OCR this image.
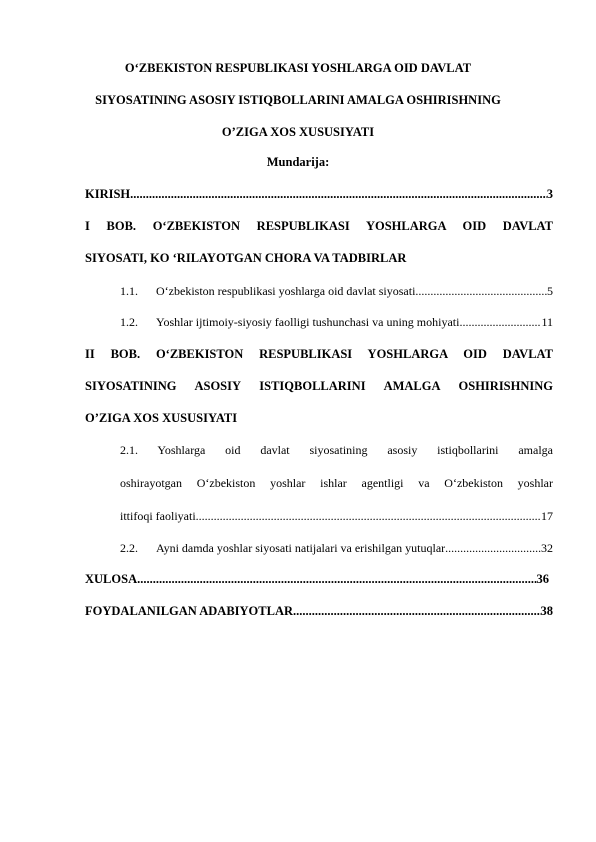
O‘ZBEKISTON RESPUBLIKASI YOSHLARGA OID DAVLAT
SIYOSATINING ASOSIY ISTIQBOLLARINI AMALGA OSHIRISHNING
O’ZIGA XOS XUSUSIYATI
Mundarija:
KIRISH .....	3
I BOB. O‘ZBEKISTON RESPUBLIKASI YOSHLARGA OID DAVLAT
SIYOSATI, KO ‘RILAYOTGAN CHORA VA TADBIRLAR
1.1.	O‘zbekiston respublikasi yoshlarga oid davlat siyosati .....	5
1.2.	Yoshlar ijtimoiy-siyosiy faolligi tushunchasi va uning mohiyati .....	11
II BOB. O‘ZBEKISTON RESPUBLIKASI YOSHLARGA OID DAVLAT
SIYOSATINING ASOSIY ISTIQBOLLARINI AMALGA OSHIRISHNING
O’ZIGA XOS XUSUSIYATI
2.1. Yoshlarga oid davlat siyosatining asosiy istiqbollarini amalga
oshirayotgan O‘zbekiston yoshlar ishlar agentligi va O‘zbekiston yoshlar
ittifoqi faoliyati .....	17
2.2.	Ayni damda yoshlar siyosati natijalari va erishilgan yutuqlar .....	32
XULOSA .....	36
FOYDALANILGAN ADABIYOTLAR .....	38
